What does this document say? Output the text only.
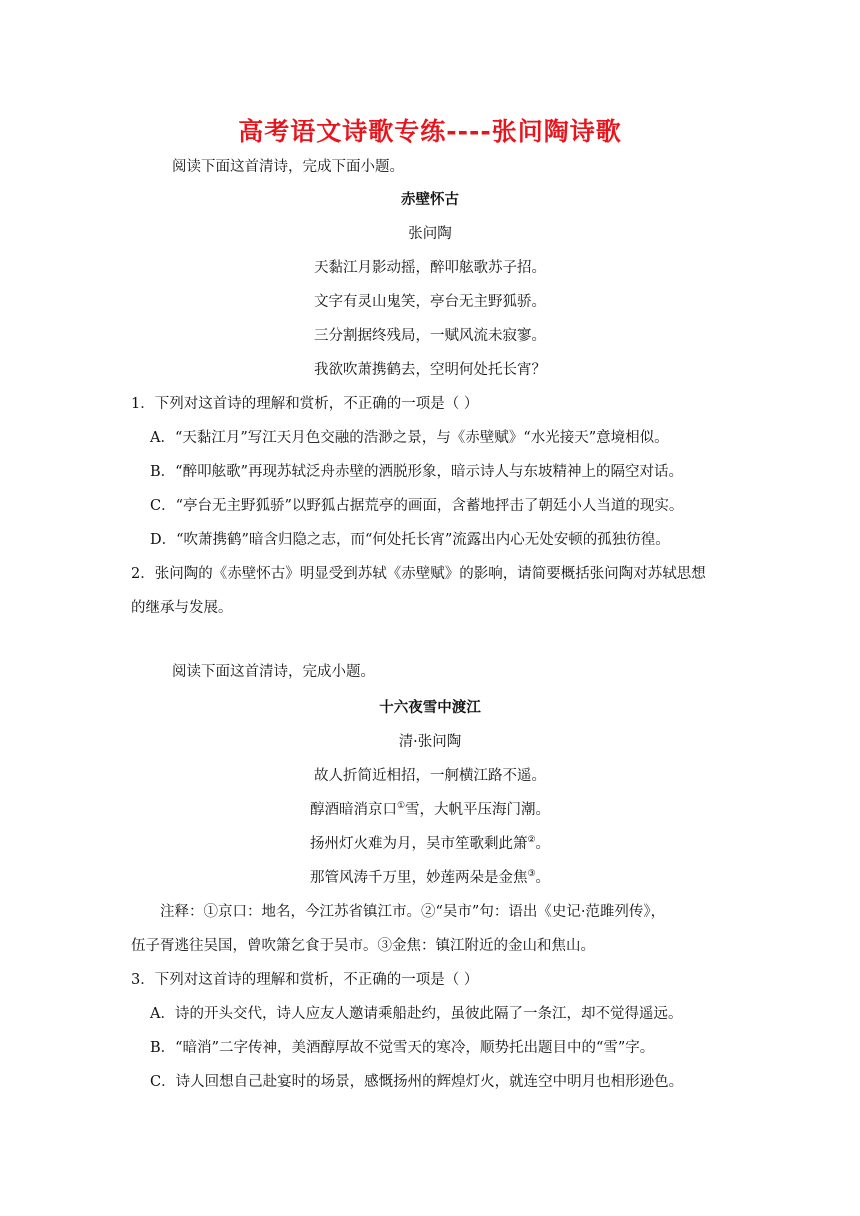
高考语文诗歌专练----张问陶诗歌
阅读下面这首清诗，完成下面小题。
赤壁怀古
张问陶
天黏江月影动摇，醉叩舷歌苏子招。
文字有灵山鬼笑，亭台无主野狐骄。
三分割据终残局，一赋风流未寂寥。
我欲吹萧携鹤去，空明何处托长宵？
1．下列对这首诗的理解和赏析，不正确的一项是（ ）
A．“天黏江月”写江天月色交融的浩渺之景，与《赤壁赋》“水光接天”意境相似。
B．“醉叩舷歌”再现苏轼泛舟赤壁的洒脱形象，暗示诗人与东坡精神上的隔空对话。
C．“亭台无主野狐骄”以野狐占据荒亭的画面，含蓄地抨击了朝廷小人当道的现实。
D．“吹萧携鹤”暗含归隐之志，而“何处托长宵”流露出内心无处安顿的孤独彷徨。
2．张问陶的《赤壁怀古》明显受到苏轼《赤壁赋》的影响，请简要概括张问陶对苏轼思想
的继承与发展。
阅读下面这首清诗，完成小题。
十六夜雪中渡江
清·张问陶
故人折简近相招，一舸横江路不遥。
醇酒暗消京口①雪，大帆平压海门潮。
扬州灯火难为月，吴市笙歌剩此箫②。
那管风涛千万里，妙莲两朵是金焦③。
注释：①京口：地名，今江苏省镇江市。②“吴市”句：语出《史记·范雎列传》，
伍子胥逃往吴国，曾吹箫乞食于吴市。③金焦：镇江附近的金山和焦山。
3．下列对这首诗的理解和赏析，不正确的一项是（ ）
A．诗的开头交代，诗人应友人邀请乘船赴约，虽彼此隔了一条江，却不觉得遥远。
B．“暗消”二字传神，美酒醇厚故不觉雪天的寒冷，顺势托出题目中的“雪”字。
C．诗人回想自己赴宴时的场景，感慨扬州的辉煌灯火，就连空中明月也相形逊色。
